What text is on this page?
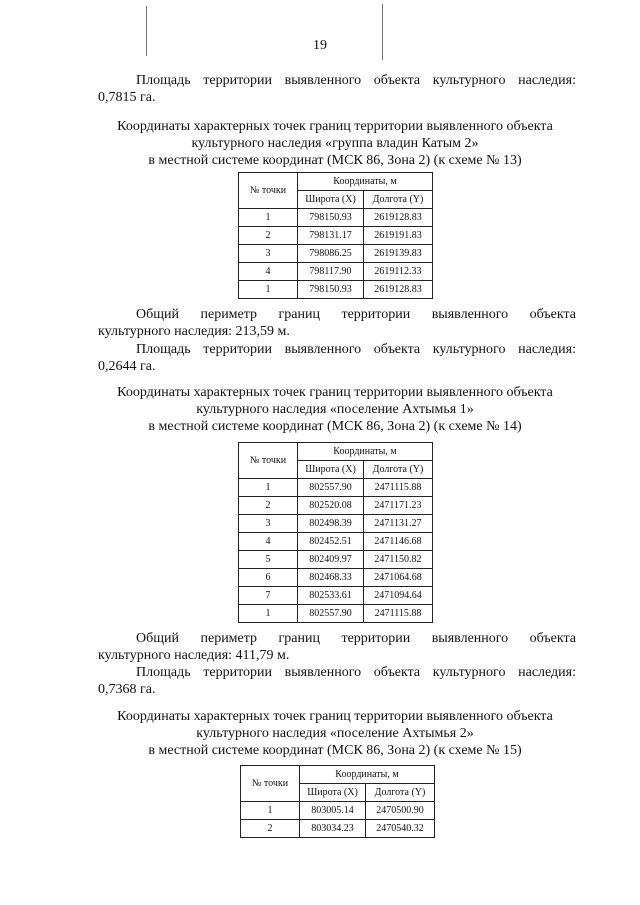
19
Площадь территории выявленного объекта культурного наследия:
0,7815 га.
Координаты характерных точек границ территории выявленного объекта
культурного наследия «группа владин Катым 2»
в местной системе координат (МСК 86, Зона 2) (к схеме № 13)
№ точки	Координаты, м	
	Широта (X)	Долгота (Y)
1	798150.93	2619128.83
2	798131.17	2619191.83
3	798086.25	2619139.83
4	798117.90	2619112.33
1	798150.93	2619128.83
Общий периметр границ территории выявленного объекта
культурного наследия: 213,59 м.
Площадь территории выявленного объекта культурного наследия:
0,2644 га.
Координаты характерных точек границ территории выявленного объекта
культурного наследия «поселение Ахтымья 1»
в местной системе координат (МСК 86, Зона 2) (к схеме № 14)
№ точки	Координаты, м	
	Широта (X)	Долгота (Y)
1	802557.90	2471115.88
2	802520.08	2471171.23
3	802498.39	2471131.27
4	802452.51	2471146.68
5	802409.97	2471150.82
6	802468.33	2471064.68
7	802533.61	2471094.64
1	802557.90	2471115.88
Общий периметр границ территории выявленного объекта
культурного наследия: 411,79 м.
Площадь территории выявленного объекта культурного наследия:
0,7368 га.
Координаты характерных точек границ территории выявленного объекта
культурного наследия «поселение Ахтымья 2»
в местной системе координат (МСК 86, Зона 2) (к схеме № 15)
№ точки	Координаты, м	
	Широта (X)	Долгота (Y)
1	803005.14	2470500.90
2	803034.23	2470540.32
